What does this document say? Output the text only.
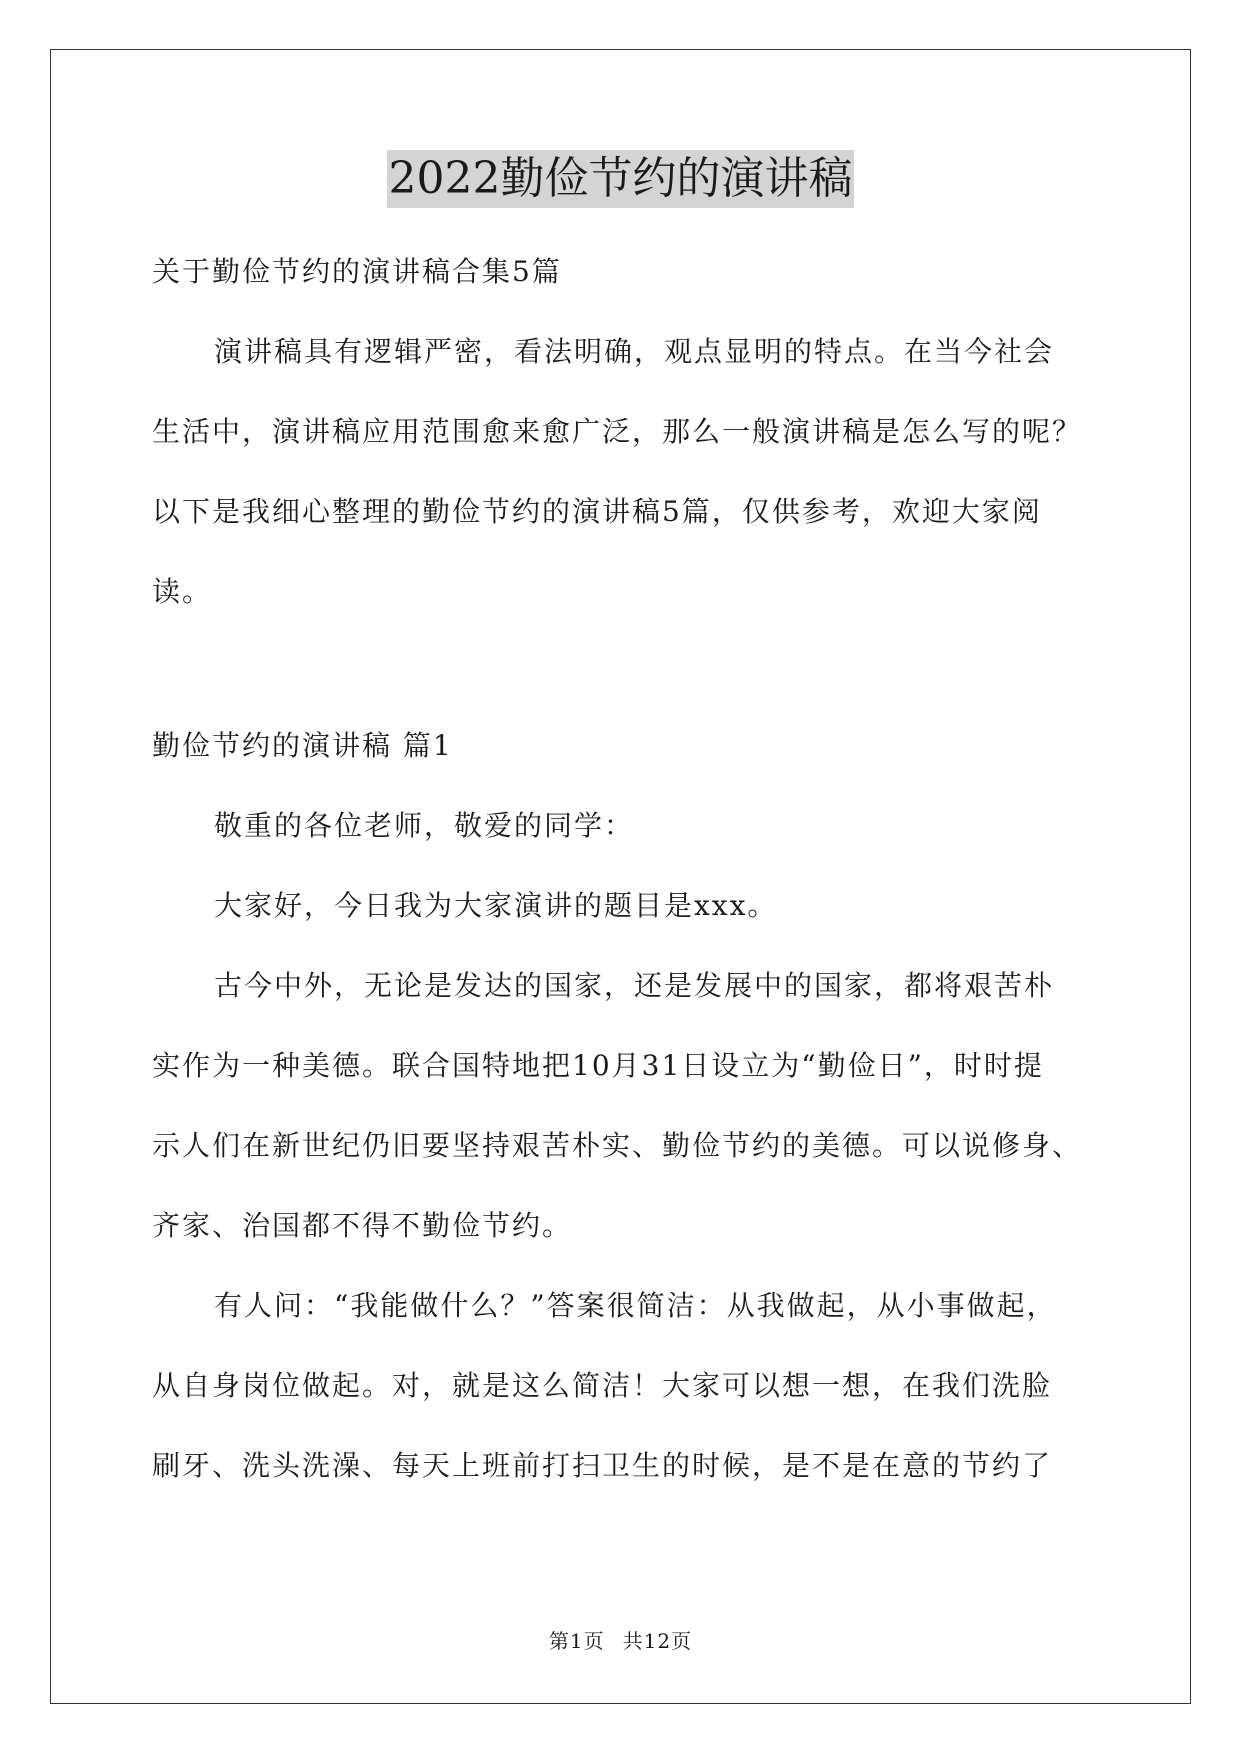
2022勤俭节约的演讲稿
关于勤俭节约的演讲稿合集5篇
演讲稿具有逻辑严密，看法明确，观点显明的特点。在当今社会
生活中，演讲稿应用范围愈来愈广泛，那么一般演讲稿是怎么写的呢？
以下是我细心整理的勤俭节约的演讲稿5篇，仅供参考，欢迎大家阅
读。
勤俭节约的演讲稿 篇1
敬重的各位老师，敬爱的同学：
大家好，今日我为大家演讲的题目是xxx。
古今中外，无论是发达的国家，还是发展中的国家，都将艰苦朴
实作为一种美德。联合国特地把10月31日设立为“勤俭日”，时时提
示人们在新世纪仍旧要坚持艰苦朴实、勤俭节约的美德。可以说修身、
齐家、治国都不得不勤俭节约。
有人问：“我能做什么？”答案很简洁：从我做起，从小事做起，
从自身岗位做起。对，就是这么简洁！大家可以想一想，在我们洗脸
刷牙、洗头洗澡、每天上班前打扫卫生的时候，是不是在意的节约了
第1页 共12页
